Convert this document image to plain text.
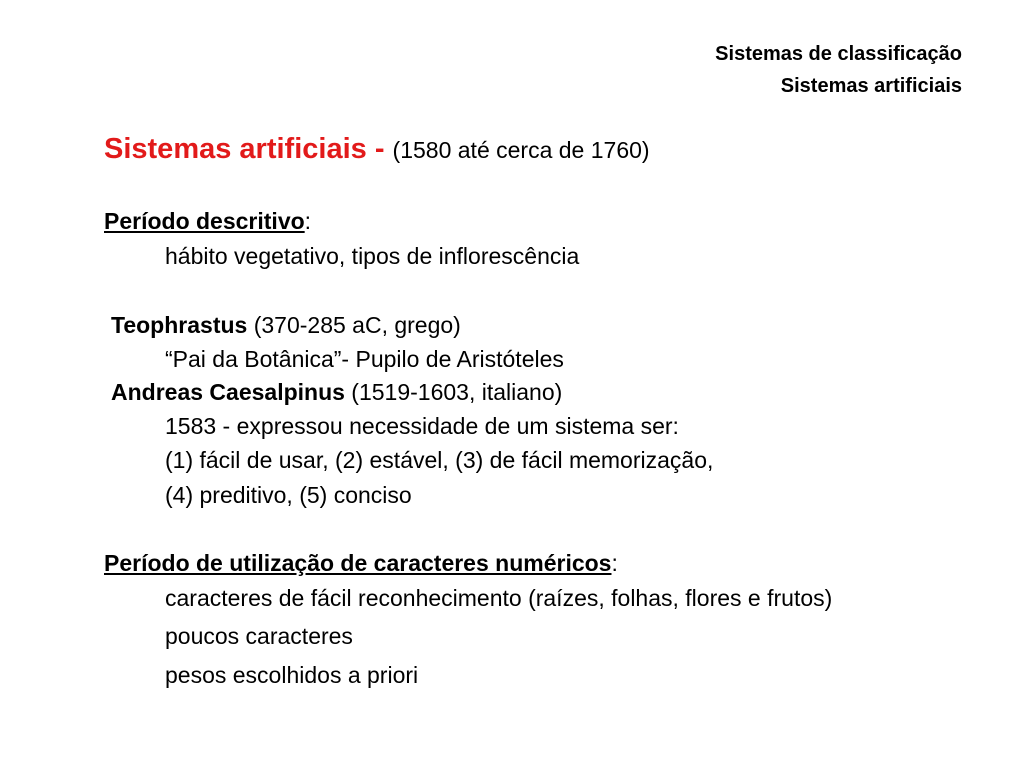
Sistemas de classificação
Sistemas artificiais
Sistemas artificiais - (1580 até cerca de 1760)
Período descritivo:
hábito vegetativo, tipos de inflorescência
Teophrastus (370-285 aC, grego)
“Pai da Botânica”- Pupilo de Aristóteles
Andreas Caesalpinus (1519-1603, italiano)
1583 - expressou necessidade de um sistema ser:
(1) fácil de usar, (2) estável, (3) de fácil memorização,
(4) preditivo, (5) conciso
Período de utilização de caracteres numéricos:
caracteres de fácil reconhecimento (raízes, folhas, flores e frutos)
poucos caracteres
pesos escolhidos a priori
